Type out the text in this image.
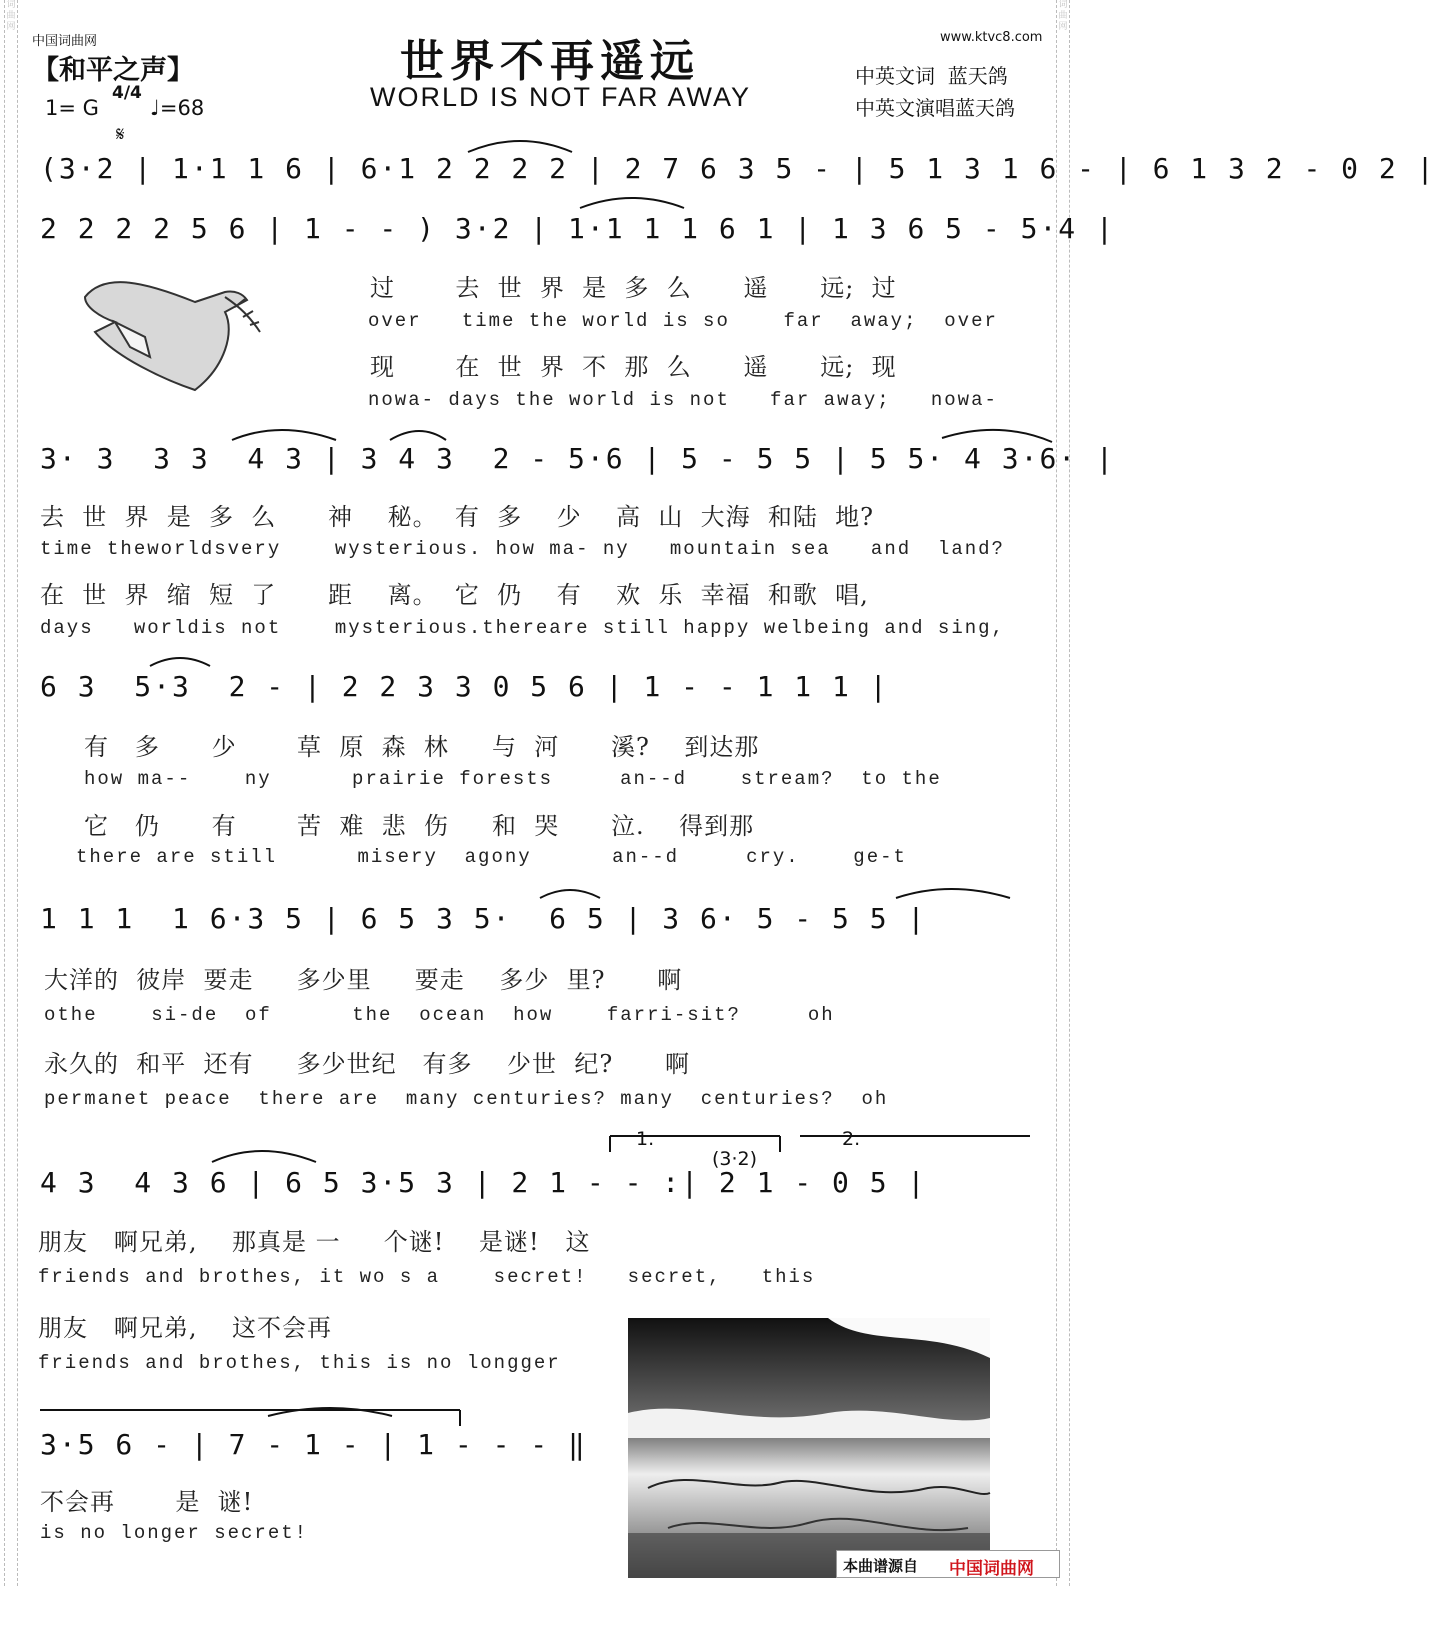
词曲网
词曲网
中国词曲网	www.ktvc8.com
【和平之声】	世界不再遥远
WORLD IS NOT FAR AWAY
中英文词  蓝天鸽
中英文演唱蓝天鸽
1= G
4/4
♩=68
𝄋
(3·2 | 1·1 1 6 | 6·1 2 2 2 2 | 2 7 6 3 5 - | 5 1 3 1 6 - | 6 1 3 2 - 0 2 |
2 2 2 2 5 6 | 1 - - ) 3·2 | 1·1 1 1 6 1 | 1 3 6 5 - 5·4 |
过       去  世  界  是  多  么      遥      远;  过
over   time the world is so    far  away;  over
现       在  世  界  不  那  么      遥      远;  现
nowa- days the world is not   far away;   nowa-
3· 3  3 3  4 3 | 3 4 3  2 - 5·6 | 5 - 5 5 | 5 5· 4 3·6· |
去  世  界  是  多  么      神    秘。  有  多    少    高  山  大海  和陆  地?
time theworldsvery    wysterious. how ma- ny   mountain sea   and  land?
在  世  界  缩  短  了      距    离。  它  仍    有    欢  乐  幸福  和歌  唱,
days   worldis not    mysterious.thereare still happy welbeing and sing,
6 3  5·3  2 - | 2 2 3 3 0 5 6 | 1 - - 1 1 1 |
有   多      少       草  原  森  林     与  河      溪?    到达那
how ma--    ny      prairie forests     an--d    stream?  to the
它   仍      有       苦  难  悲  伤     和  哭      泣.    得到那
there are still      misery  agony      an--d     cry.    ge-t
1 1 1  1 6·3 5 | 6 5 3 5·  6 5 | 3 6· 5 - 5 5 |
大洋的  彼岸  要走     多少里     要走    多少  里?      啊
othe    si-de  of      the  ocean  how    farri-sit?     oh
永久的  和平  还有     多少世纪   有多    少世  纪?      啊
permanet peace  there are  many centuries? many  centuries?  oh
1.	2.
(3·2)
4 3  4 3 6 | 6 5 3·5 3 | 2 1 - - :| 2 1 - 0 5 |
朋友   啊兄弟,    那真是 一     个谜!    是谜!   这
friends and brothes, it wo s a    secret!   secret,   this
朋友   啊兄弟,    这不会再
friends and brothes, this is no longger
3·5 6 - | 7 - 1 - | 1 - - - ‖
不会再       是  谜!
is no longer secret!

本曲谱源自

中国词曲网
